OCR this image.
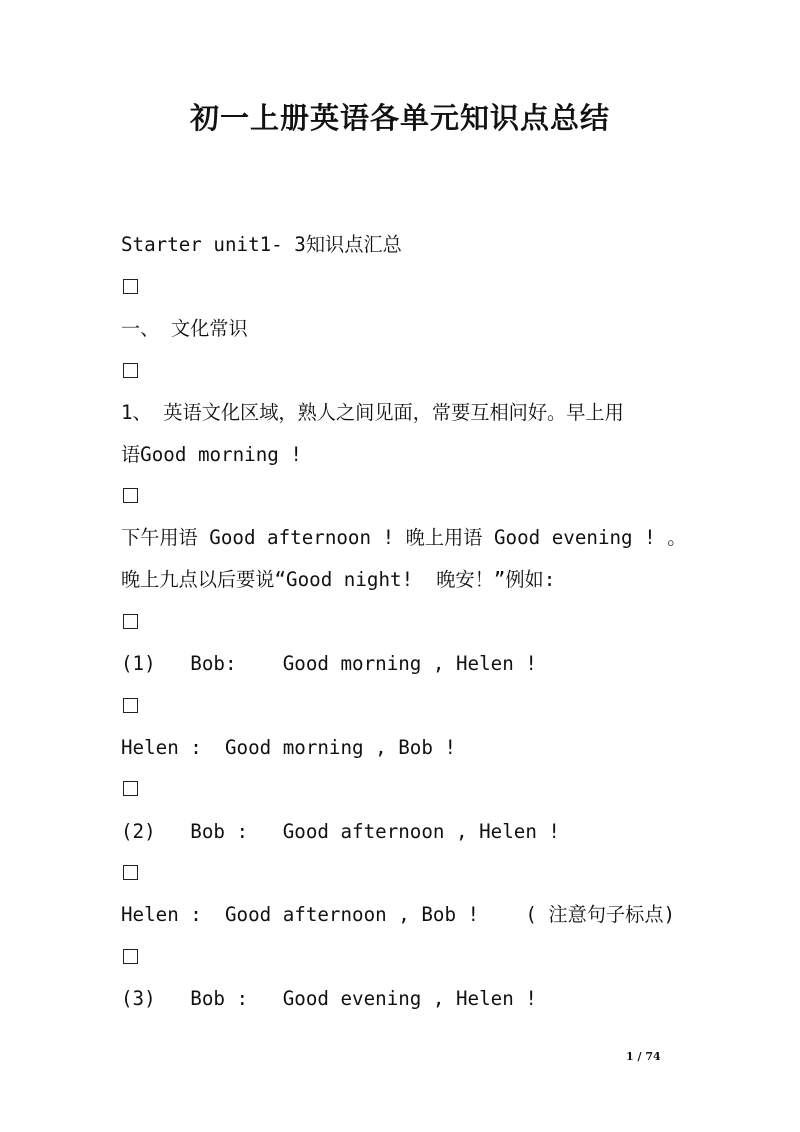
初一上册英语各单元知识点总结
Starter unit1- 3知识点汇总
一、 文化常识
1、 英语文化区域，熟人之间见面，常要互相问好。早上用
语Good morning !
下午用语 Good afternoon ! 晚上用语 Good evening ! 。
晚上九点以后要说“Good night!  晚安！”例如:
(1)   Bob:    Good morning , Helen !
Helen :  Good morning , Bob !
(2)   Bob :   Good afternoon , Helen !
Helen :  Good afternoon , Bob !    ( 注意句子标点)
(3)   Bob :   Good evening , Helen !
1 / 74
